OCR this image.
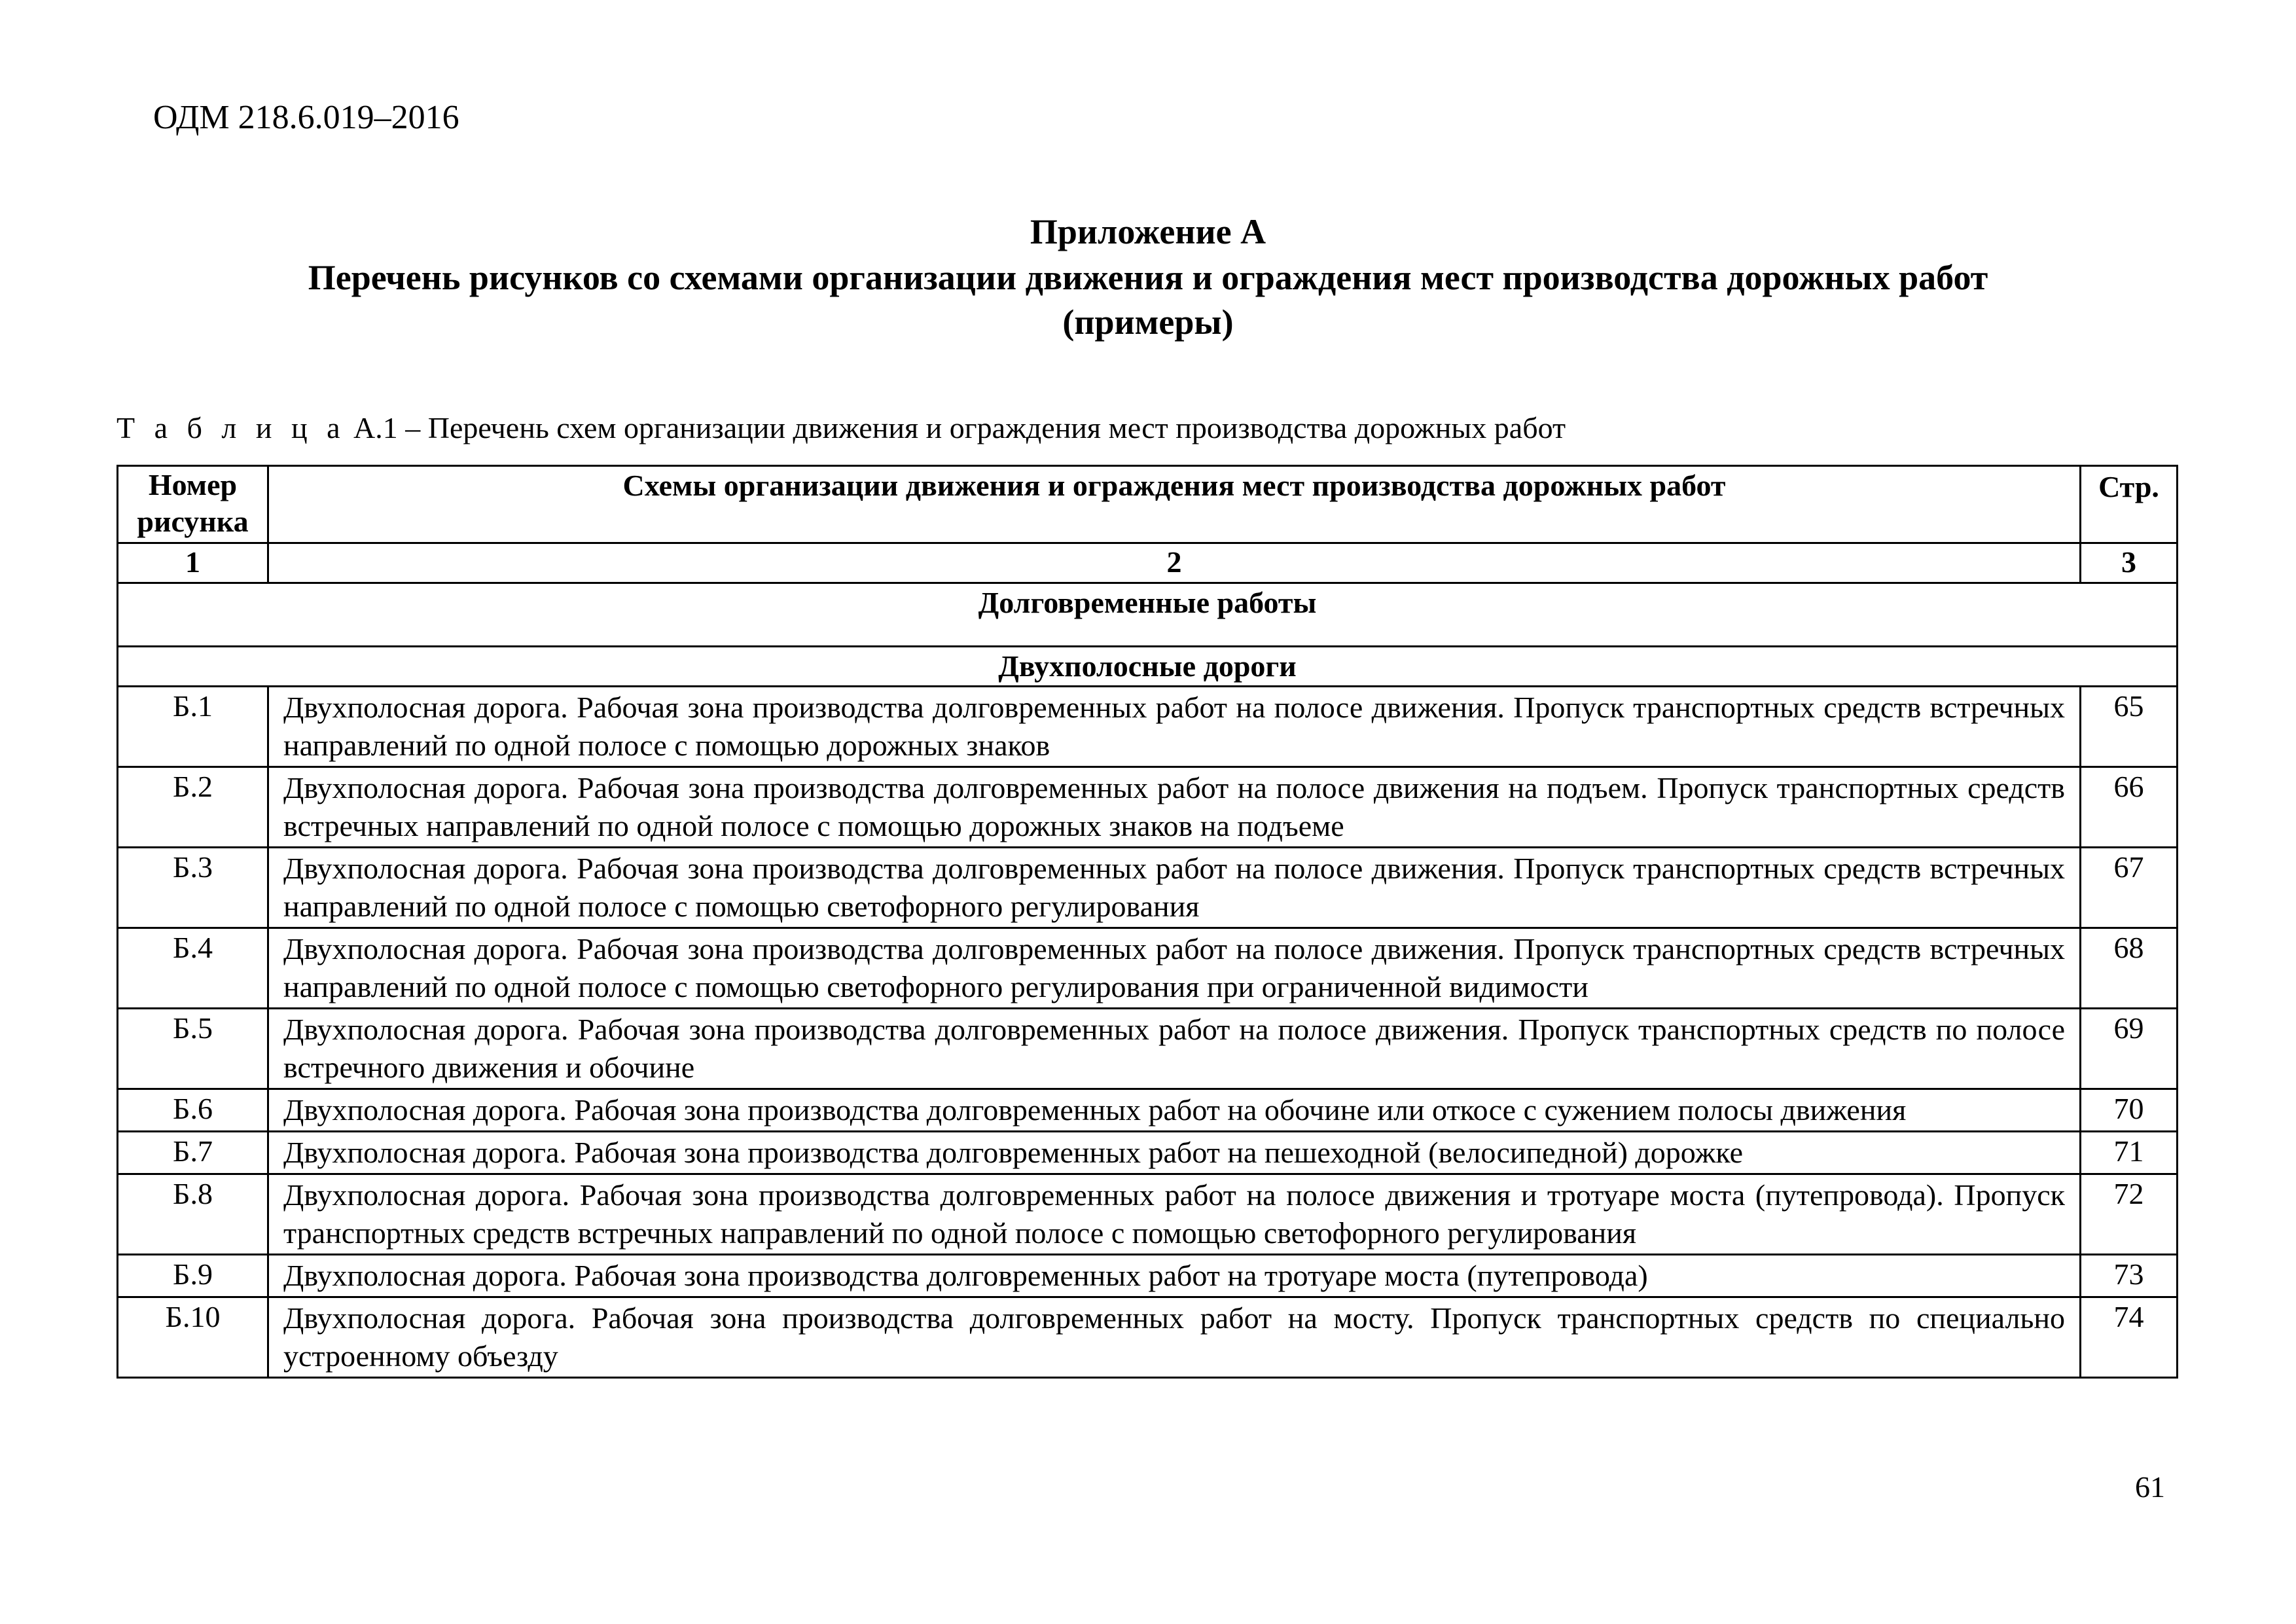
ОДМ 218.6.019–2016
Приложение А
Перечень рисунков со схемами организации движения и ограждения мест производства дорожных работ
(примеры)
Т а б л и ц а А.1 – Перечень схем организации движения и ограждения мест производства дорожных работ
Номер рисунка	Схемы организации движения и ограждения мест производства дорожных работ	Стр.
1	2	3
Долговременные работы		
Двухполосные дороги		
Б.1	Двухполосная дорога. Рабочая зона производства долговременных работ на полосе движения. Пропуск транспортных средств встречных направлений по одной полосе с помощью дорожных знаков	65
Б.2	Двухполосная дорога. Рабочая зона производства долговременных работ на полосе движения на подъем. Пропуск транспортных средств встречных направлений по одной полосе с помощью дорожных знаков на подъеме	66
Б.3	Двухполосная дорога. Рабочая зона производства долговременных работ на полосе движения. Пропуск транспортных средств встречных направлений по одной полосе с помощью светофорного регулирования	67
Б.4	Двухполосная дорога. Рабочая зона производства долговременных работ на полосе движения. Пропуск транспортных средств встречных направлений по одной полосе с помощью светофорного регулирования при ограниченной видимости	68
Б.5	Двухполосная дорога. Рабочая зона производства долговременных работ на полосе движения. Пропуск транспортных средств по полосе встречного движения и обочине	69
Б.6	Двухполосная дорога. Рабочая зона производства долговременных работ на обочине или откосе с сужением полосы движения	70
Б.7	Двухполосная дорога. Рабочая зона производства долговременных работ на пешеходной (велосипедной) дорожке	71
Б.8	Двухполосная дорога. Рабочая зона производства долговременных работ на полосе движения и тротуаре моста (путепровода). Пропуск транспортных средств встречных направлений по одной полосе с помощью светофорного регулирования	72
Б.9	Двухполосная дорога. Рабочая зона производства долговременных работ на тротуаре моста (путепровода)	73
Б.10	Двухполосная дорога. Рабочая зона производства долговременных работ на мосту. Пропуск транспортных средств по специально устроенному объезду	74
61
